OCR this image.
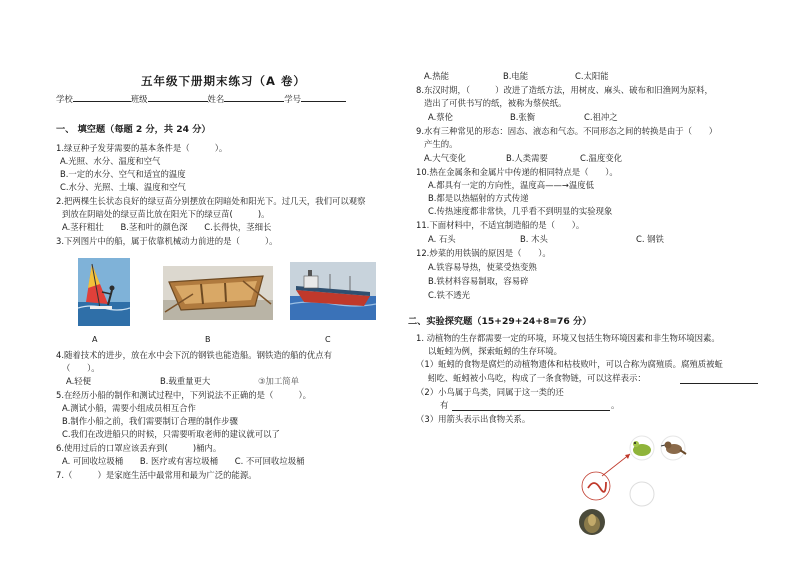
五年级下册期末练习（A 卷）
学校	班级	姓名	学号
一、 填空题（每题 2 分，共 24 分）
1.绿豆种子发芽需要的基本条件是（　　　）。
A.光照、水分、温度和空气
B.一定的水分、空气和适宜的温度
C.水分、光照、土壤、温度和空气
2.把两棵生长状态良好的绿豆苗分别摆放在阴暗处和阳光下。过几天，我们可以观察
到放在阴暗处的绿豆苗比放在阳光下的绿豆苗(　　　)。
A.茎秆粗壮　　B.茎和叶的颜色深　　C.长得快，茎细长
3.下列图片中的船，属于依靠机械动力前进的是（　　　）。
A	B	C
4.随着技术的进步，放在水中会下沉的钢铁也能造船。钢铁造的船的优点有
（　　）。
A.轻便	B.载重量更大	③加工简单
5.在经历小船的制作和测试过程中，下列说法不正确的是（　　　）。
A.测试小船，需要小组成员相互合作
B.制作小船之前，我们需要制订合理的制作步骤
C.我们在改进船只的时候，只需要听取老师的建议就可以了
6.使用过后的口罩应该丢弃到(　　　)桶内。
A. 可回收垃圾桶　　B. 医疗或有害垃圾桶　　C. 不可回收垃圾桶
7.（　　　）是家庭生活中最常用和最为广泛的能源。
A.热能	B.电能	C.太阳能
8.东汉时期，（　　　）改进了造纸方法，用树皮、麻头、破布和旧渔网为原料，
造出了可供书写的纸，被称为蔡侯纸。
A.蔡伦	B.张衡	C.祖冲之
9.水有三种常见的形态：固态、液态和气态。不同形态之间的转换是由于（　　）
产生的。
A.大气变化	B.人类需要	C.温度变化
10.热在金属条和金属片中传递的相同特点是（　　）。
A.都具有一定的方向性，温度高——→温度低
B.都是以热辐射的方式传递
C.传热速度都非常快，几乎看不到明显的实验现象
11.下面材料中，不适宜制造船的是（　　）。
A. 石头	B. 木头	C. 钢铁
12.炒菜的用铁锅的原因是（　　）。
A.铁容易导热，使菜受热变熟
B.铁材料容易制取，容易碎
C.铁不透光
二、实验探究题（15+29+24+8=76 分）
1. 动植物的生存都需要一定的环境，环境又包括生物环境因素和非生物环境因素。
以蚯蚓为例，探索蚯蚓的生存环境。
（1）蚯蚓的食物是腐烂的动植物遗体和枯枝败叶，可以合称为腐殖质。腐殖质被蚯
蚓吃、蚯蚓被小鸟吃，构成了一条食物链，可以这样表示：
（2）小鸟属于鸟类，同属于这一类的还
有	。
（3）用箭头表示出食物关系。
